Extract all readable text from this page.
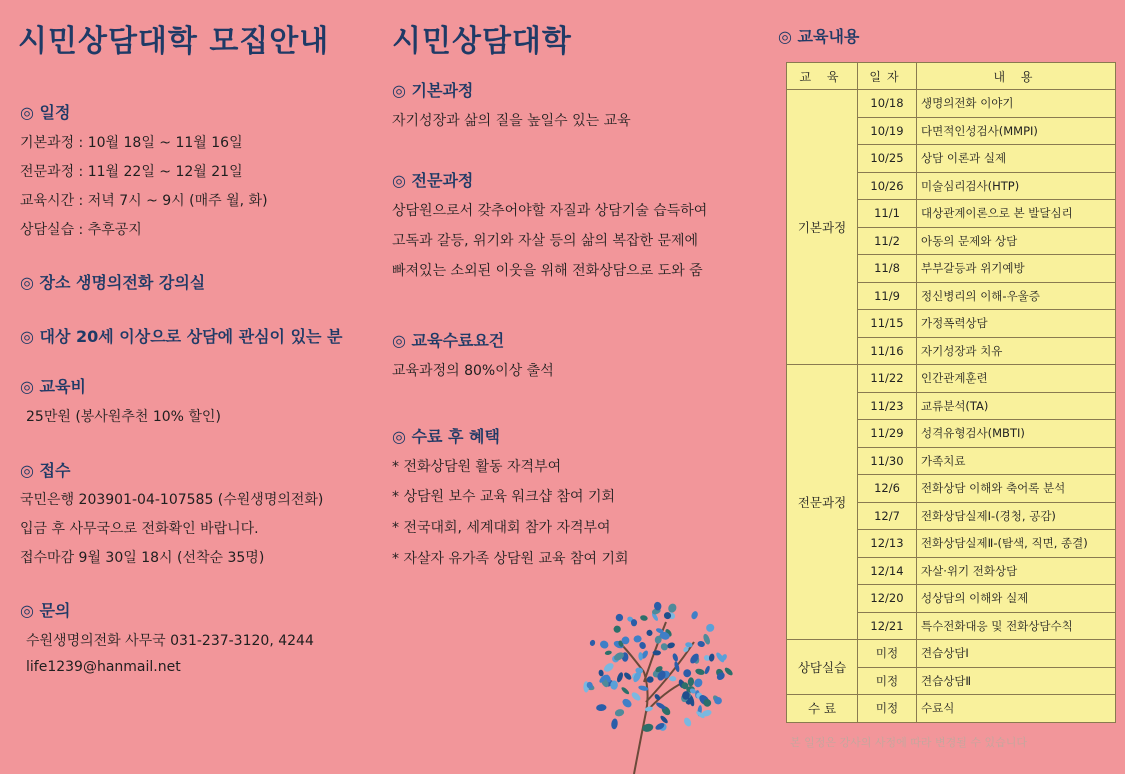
시민상담대학 모집안내
◎ 일정
기본과정 : 10월 18일 ~ 11월 16일
전문과정 : 11월 22일 ~ 12월 21일
교육시간 : 저녁 7시 ~ 9시 (매주 월, 화)
상담실습 : 추후공지
◎ 장소 생명의전화 강의실
◎ 대상 20세 이상으로 상담에 관심이 있는 분
◎ 교육비
25만원 (봉사원추천 10% 할인)
◎ 접수
국민은행 203901-04-107585 (수원생명의전화)
입금 후 사무국으로 전화확인 바랍니다.
접수마감 9월 30일 18시 (선착순 35명)
◎ 문의
수원생명의전화 사무국 031-237-3120, 4244
life1239@hanmail.net
시민상담대학
◎ 기본과정
자기성장과 삶의 질을 높일수 있는 교육
◎ 전문과정
상담원으로서 갖추어야할 자질과 상담기술 습득하여
고독과 갈등, 위기와 자살 등의 삶의 복잡한 문제에
빠져있는 소외된 이웃을 위해 전화상담으로 도와 줌
◎ 교육수료요건
교육과정의 80%이상 출석
◎ 수료 후 혜택
* 전화상담원 활동 자격부여
* 상담원 보수 교육 워크샵 참여 기회
* 전국대회, 세계대회 참가 자격부여
* 자살자 유가족 상담원 교육 참여 기회
◎ 교육내용
교 육	일자	내 용
기본과정	10/18	생명의전화 이야기
	10/19	다면적인성검사(MMPI)
	10/25	상담 이론과 실제
	10/26	미술심리검사(HTP)
	11/1	대상관계이론으로 본 발달심리
	11/2	아동의 문제와 상담
	11/8	부부갈등과 위기예방
	11/9	정신병리의 이해-우울증
	11/15	가정폭력상담
	11/16	자기성장과 치유
전문과정	11/22	인간관계훈련
	11/23	교류분석(TA)
	11/29	성격유형검사(MBTI)
	11/30	가족치료
	12/6	전화상담 이해와 축어록 분석
	12/7	전화상담실제Ⅰ-(경청, 공감)
	12/13	전화상담실제Ⅱ-(탐색, 직면, 종결)
	12/14	자살·위기 전화상담
	12/20	성상담의 이해와 실제
	12/21	특수전화대응 및 전화상담수칙
상담실습	미정	견습상담Ⅰ
	미정	견습상담Ⅱ
수 료	미정	수료식
본 일정은 강사의 사정에 따라 변경될 수 있습니다
